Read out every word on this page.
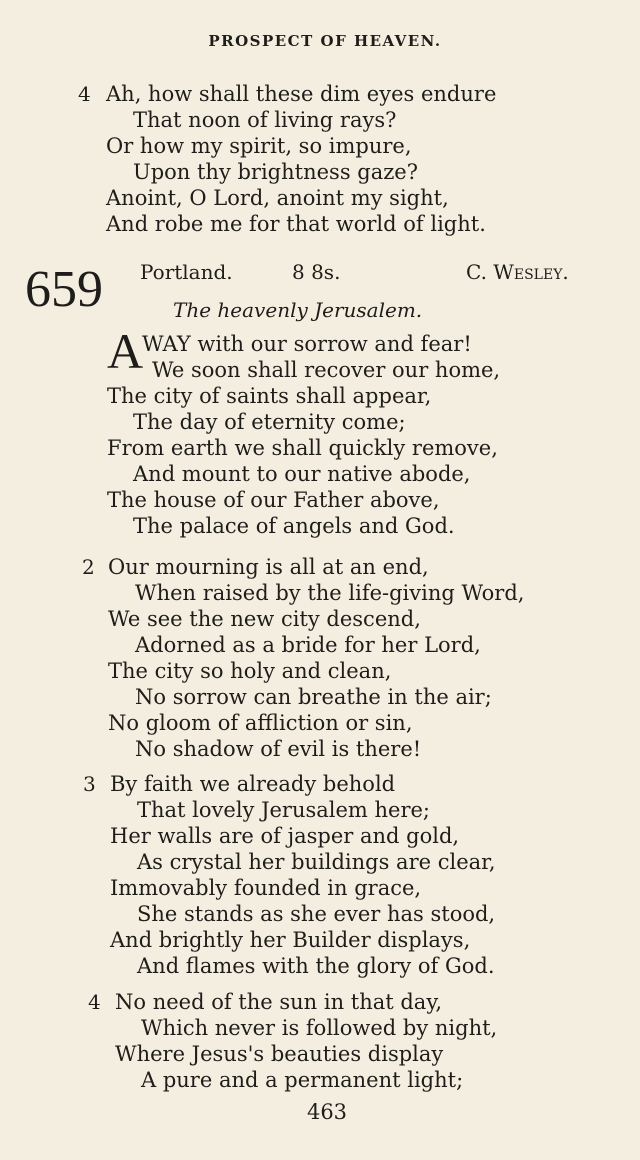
PROSPECT OF HEAVEN.
4 Ah, how shall these dim eyes endure
That noon of living rays?
Or how my spirit, so impure,
Upon thy brightness gaze?
Anoint, O Lord, anoint my sight,
And robe me for that world of light.
659 Portland.	8 8s.	C. Wesley.
The heavenly Jerusalem.
A
WAY with our sorrow and fear!
We soon shall recover our home,
The city of saints shall appear,
The day of eternity come;
From earth we shall quickly remove,
And mount to our native abode,
The house of our Father above,
The palace of angels and God.
2 Our mourning is all at an end,
When raised by the life-giving Word,
We see the new city descend,
Adorned as a bride for her Lord,
The city so holy and clean,
No sorrow can breathe in the air;
No gloom of affliction or sin,
No shadow of evil is there!
3 By faith we already behold
That lovely Jerusalem here;
Her walls are of jasper and gold,
As crystal her buildings are clear,
Immovably founded in grace,
She stands as she ever has stood,
And brightly her Builder displays,
And flames with the glory of God.
4 No need of the sun in that day,
Which never is followed by night,
Where Jesus's beauties display
A pure and a permanent light;
463
